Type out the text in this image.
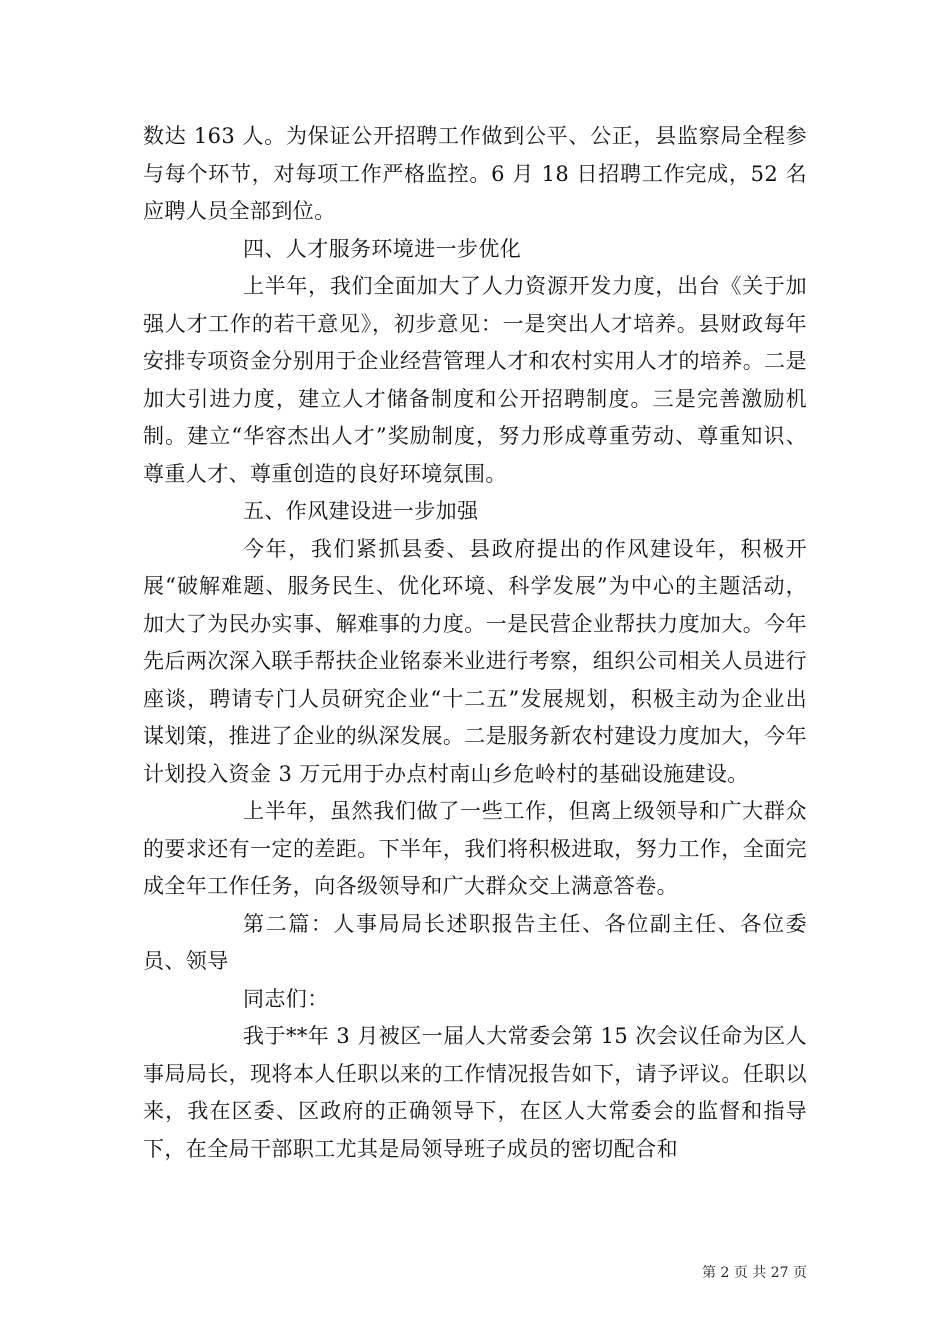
数达 163 人。为保证公开招聘工作做到公平、公正，县监察局全程参与每个环节，对每项工作严格监控。6 月 18 日招聘工作完成，52 名应聘人员全部到位。

四、人才服务环境进一步优化

上半年，我们全面加大了人力资源开发力度，出台《关于加强人才工作的若干意见》，初步意见：一是突出人才培养。县财政每年安排专项资金分别用于企业经营管理人才和农村实用人才的培养。二是加大引进力度，建立人才储备制度和公开招聘制度。三是完善激励机制。建立“华容杰出人才”奖励制度，努力形成尊重劳动、尊重知识、尊重人才、尊重创造的良好环境氛围。

五、作风建设进一步加强

今年，我们紧抓县委、县政府提出的作风建设年，积极开展“破解难题、服务民生、优化环境、科学发展”为中心的主题活动，加大了为民办实事、解难事的力度。一是民营企业帮扶力度加大。今年先后两次深入联手帮扶企业铭泰米业进行考察，组织公司相关人员进行座谈，聘请专门人员研究企业“十二五”发展规划，积极主动为企业出谋划策，推进了企业的纵深发展。二是服务新农村建设力度加大，今年计划投入资金 3 万元用于办点村南山乡危岭村的基础设施建设。

上半年，虽然我们做了一些工作，但离上级领导和广大群众的要求还有一定的差距。下半年，我们将积极进取，努力工作，全面完成全年工作任务，向各级领导和广大群众交上满意答卷。

第二篇：人事局局长述职报告主任、各位副主任、各位委员、领导

同志们：

我于**年 3 月被区一届人大常委会第 15 次会议任命为区人事局局长，现将本人任职以来的工作情况报告如下，请予评议。任职以来，我在区委、区政府的正确领导下，在区人大常委会的监督和指导下，在全局干部职工尤其是局领导班子成员的密切配合和

第 2 页 共 27 页
